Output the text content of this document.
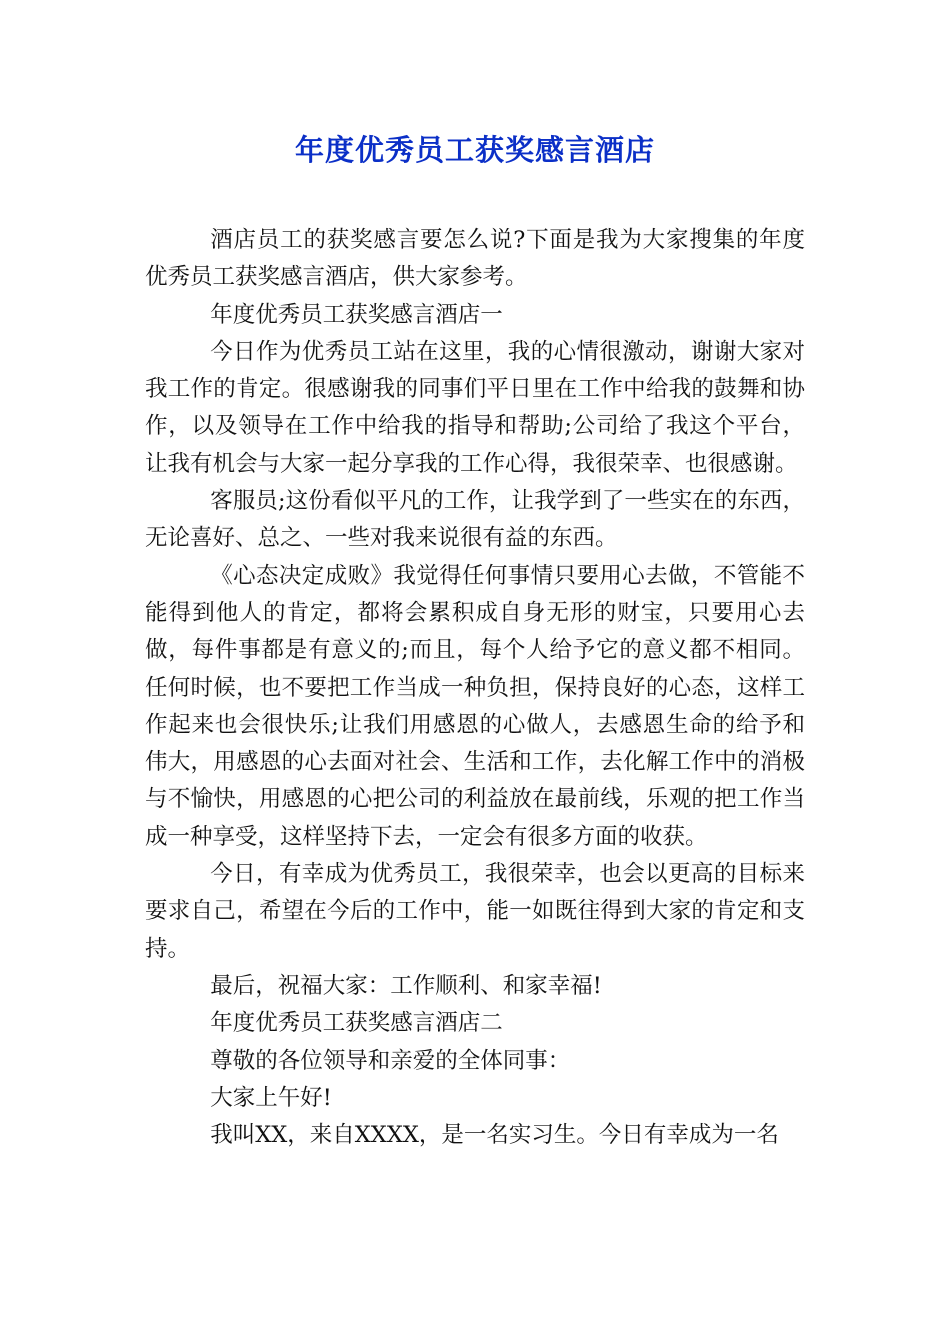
年度优秀员工获奖感言酒店

酒店员工的获奖感言要怎么说?下面是我为大家搜集的年度优秀员工获奖感言酒店，供大家参考。

年度优秀员工获奖感言酒店一

今日作为优秀员工站在这里，我的心情很激动，谢谢大家对我工作的肯定。很感谢我的同事们平日里在工作中给我的鼓舞和协作，以及领导在工作中给我的指导和帮助;公司给了我这个平台，让我有机会与大家一起分享我的工作心得，我很荣幸、也很感谢。

客服员;这份看似平凡的工作，让我学到了一些实在的东西，无论喜好、总之、一些对我来说很有益的东西。

《心态决定成败》我觉得任何事情只要用心去做，不管能不能得到他人的肯定，都将会累积成自身无形的财宝，只要用心去做，每件事都是有意义的;而且，每个人给予它的意义都不相同。任何时候，也不要把工作当成一种负担，保持良好的心态，这样工作起来也会很快乐;让我们用感恩的心做人，去感恩生命的给予和伟大，用感恩的心去面对社会、生活和工作，去化解工作中的消极与不愉快，用感恩的心把公司的利益放在最前线，乐观的把工作当成一种享受，这样坚持下去，一定会有很多方面的收获。

今日，有幸成为优秀员工，我很荣幸，也会以更高的目标来要求自己，希望在今后的工作中，能一如既往得到大家的肯定和支持。

最后，祝福大家：工作顺利、和家幸福!

年度优秀员工获奖感言酒店二

尊敬的各位领导和亲爱的全体同事：

大家上午好!

我叫XX，来自XXXX，是一名实习生。今日有幸成为一名
